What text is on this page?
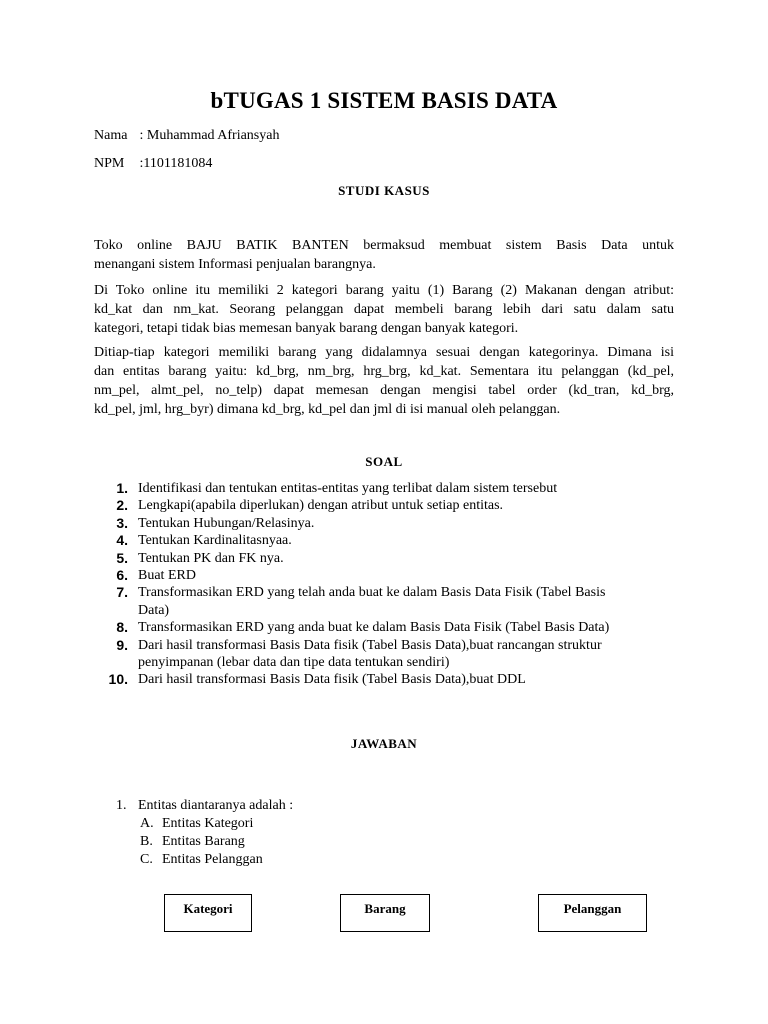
bTUGAS 1 SISTEM BASIS DATA
Nama : Muhammad Afriansyah
NPM :1101181084
STUDI KASUS
Toko online BAJU BATIK BANTEN bermaksud membuat sistem Basis Data untuk
menangani sistem Informasi penjualan barangnya.
Di Toko online itu memiliki 2 kategori barang yaitu (1) Barang (2) Makanan dengan atribut:
kd_kat dan nm_kat. Seorang pelanggan dapat membeli barang lebih dari satu dalam satu
kategori, tetapi tidak bias memesan banyak barang dengan banyak kategori.
Ditiap-tiap kategori memiliki barang yang didalamnya sesuai dengan kategorinya. Dimana isi
dan entitas barang yaitu: kd_brg, nm_brg, hrg_brg, kd_kat. Sementara itu pelanggan (kd_pel,
nm_pel, almt_pel, no_telp) dapat memesan dengan mengisi tabel order (kd_tran, kd_brg,
kd_pel, jml, hrg_byr) dimana kd_brg, kd_pel dan jml di isi manual oleh pelanggan.
SOAL
1. Identifikasi dan tentukan entitas-entitas yang terlibat dalam sistem tersebut
2. Lengkapi(apabila diperlukan) dengan atribut untuk setiap entitas.
3. Tentukan Hubungan/Relasinya.
4. Tentukan Kardinalitasnyaa.
5. Tentukan PK dan FK nya.
6. Buat ERD
7. Transformasikan ERD yang telah anda buat ke dalam Basis Data Fisik (Tabel Basis
Data)
8. Transformasikan ERD yang anda buat ke dalam Basis Data Fisik (Tabel Basis Data)
9. Dari hasil transformasi Basis Data fisik (Tabel Basis Data),buat rancangan struktur
penyimpanan (lebar data dan tipe data tentukan sendiri)
10. Dari hasil transformasi Basis Data fisik (Tabel Basis Data),buat DDL
JAWABAN
1. Entitas diantaranya adalah :
A. Entitas Kategori
B. Entitas Barang
C. Entitas Pelanggan
Kategori	Barang	Pelanggan
